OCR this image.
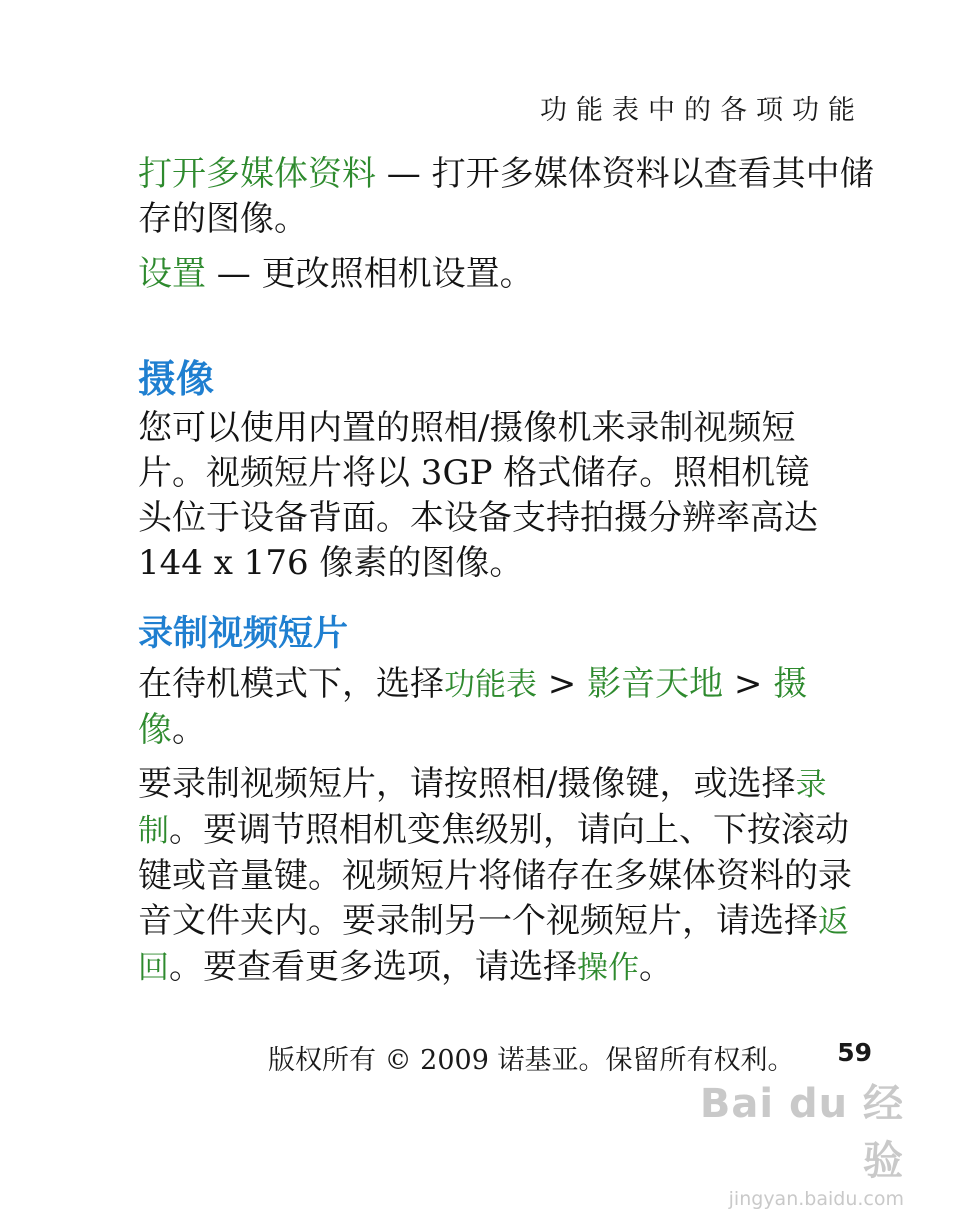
功能表中的各项功能

打开多媒体资料 — 打开多媒体资料以查看其中储存的图像。

设置 — 更改照相机设置。

摄像

您可以使用内置的照相/摄像机来录制视频短片。视频短片将以 3GP 格式储存。照相机镜头位于设备背面。本设备支持拍摄分辨率高达 144 x 176 像素的图像。

录制视频短片

在待机模式下，选择功能表 > 影音天地 > 摄像。

要录制视频短片，请按照相/摄像键，或选择录制。要调节照相机变焦级别，请向上、下按滚动键或音量键。视频短片将储存在多媒体资料的录音文件夹内。要录制另一个视频短片，请选择返回。要查看更多选项，请选择操作。

版权所有 © 2009 诺基亚。保留所有权利。 59
Bai du 经验
jingyan.baidu.com
